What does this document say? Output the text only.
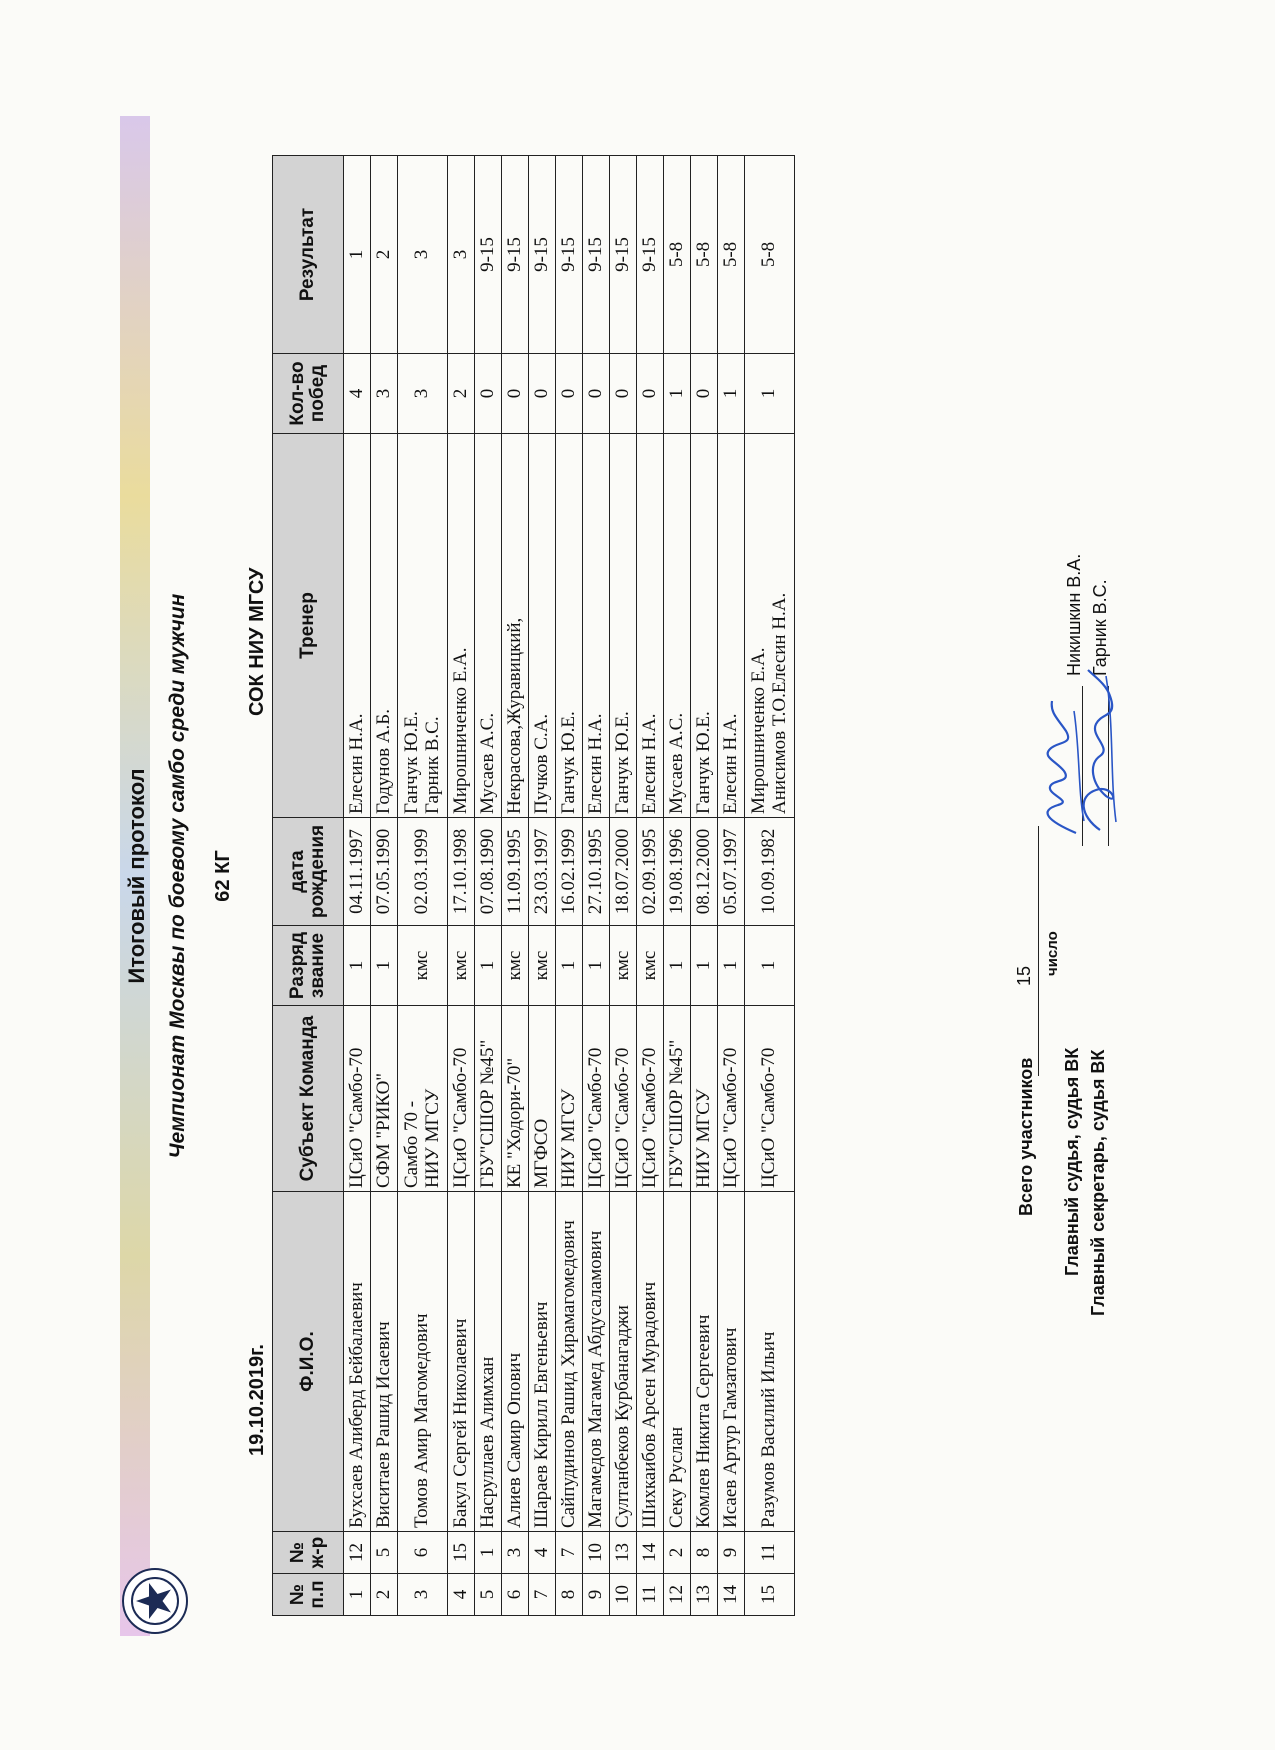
Итоговый протокол Чемпионат Москвы по боевому самбо среди мужчин 62 КГ
19.10.2019г.
СОК НИУ МГСУ
№ п.п	№ ж-р	Ф.И.О.	Субъект Команда	Разряд звание	дата рождения	Тренер	Кол-во побед	Результат
1	12	Бухсаев Алиберд Бейбалаевич	ЦСиО "Самбо-70	1	04.11.1997	Елесин Н.А.	4	1
2	5	Виситаев Рашид Исаевич	СФМ "РИКО"	1	07.05.1990	Годунов А.Б.	3	2
3	6	Томов Амир Магомедович	Самбо 70 -
НИУ МГСУ	кмс	02.03.1999	Ганчук Ю.Е.
Гарник В.С.	3	3
4	15	Бакул Сергей Николаевич	ЦСиО "Самбо-70	кмс	17.10.1998	Мирошниченко Е.А.	2	3
5	1	Насруллаев Алимхан	ГБУ"СШОР №45"	1	07.08.1990	Мусаев А.С.	0	9-15
6	3	Алиев Самир Опович	КЕ "Ходори-70"	кмс	11.09.1995	Некрасова,Журавицкий,	0	9-15
7	4	Шараев Кирилл Евгеньевич	МГФСО	кмс	23.03.1997	Пучков С.А.	0	9-15
8	7	Сайпудинов Рашид Хирамагомедович	НИУ МГСУ	1	16.02.1999	Ганчук Ю.Е.	0	9-15
9	10	Магамедов Магамед Абдусаламович	ЦСиО "Самбо-70	1	27.10.1995	Елесин Н.А.	0	9-15
10	13	Султанбеков Курбанагаджи	ЦСиО "Самбо-70	кмс	18.07.2000	Ганчук Ю.Е.	0	9-15
11	14	Шихкаибов Арсен Мурадович	ЦСиО "Самбо-70	кмс	02.09.1995	Елесин Н.А.	0	9-15
12	2	Секу Руслан	ГБУ"СШОР №45"	1	19.08.1996	Мусаев А.С.	1	5-8
13	8	Комлев Никита Сергеевич	НИУ МГСУ	1	08.12.2000	Ганчук Ю.Е.	0	5-8
14	9	Исаев Артур Гамзатович	ЦСиО "Самбо-70	1	05.07.1997	Елесин Н.А.	1	5-8
15	11	Разумов Василий Ильич	ЦСиО "Самбо-70	1	10.09.1982	Мирошниченко Е.А.
Анисимов Т.О.Елесин Н.А.	1	5-8
Всего участников
15 число
Главный судья, судья ВК
Никишкин В.А.
Главный секретарь, судья ВК
Гарник В.С.
